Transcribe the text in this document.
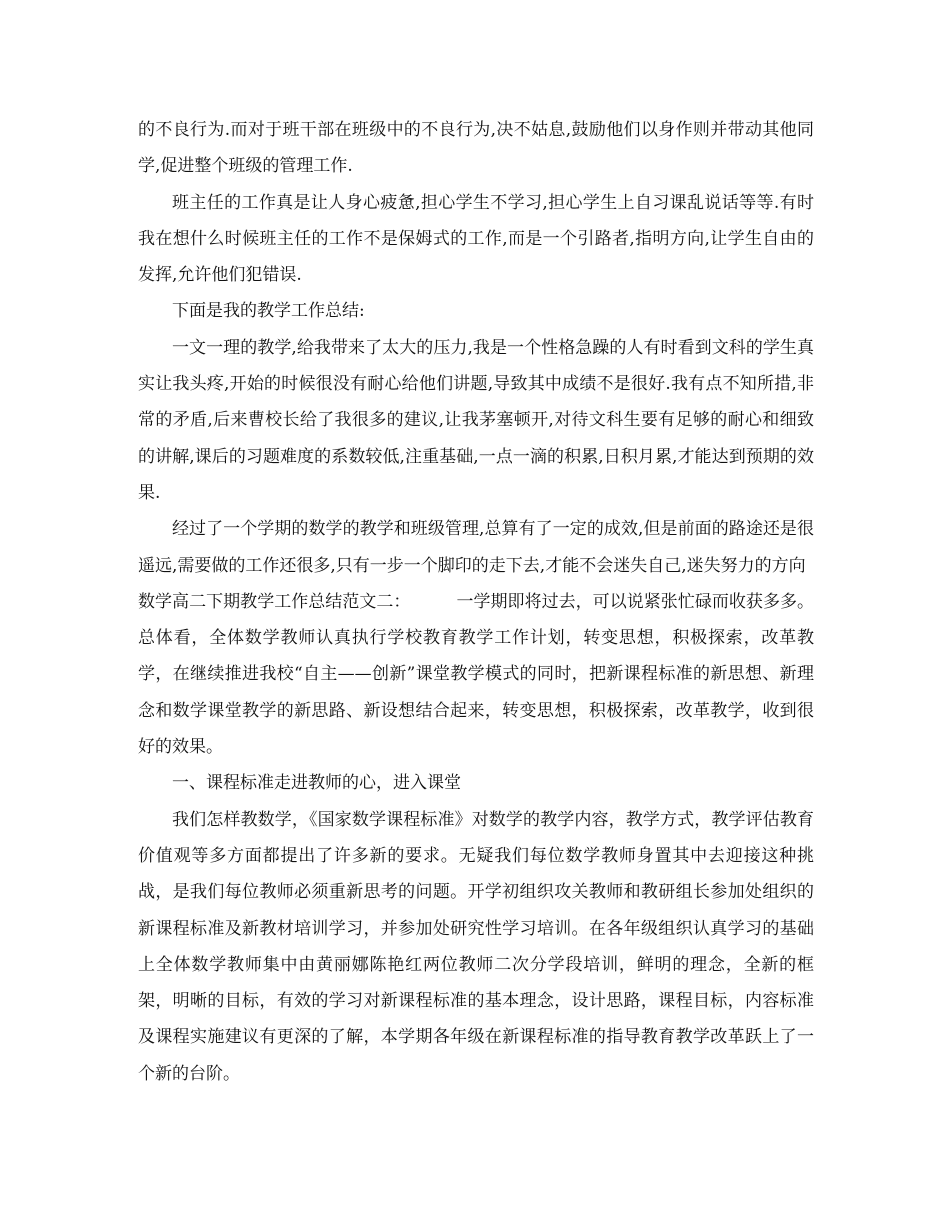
的不良行为.而对于班干部在班级中的不良行为,决不姑息,鼓励他们以身作则并带动其他同学,促进整个班级的管理工作.

班主任的工作真是让人身心疲惫,担心学生不学习,担心学生上自习课乱说话等等.有时我在想什么时候班主任的工作不是保姆式的工作,而是一个引路者,指明方向,让学生自由的发挥,允许他们犯错误.

下面是我的教学工作总结:

一文一理的教学,给我带来了太大的压力,我是一个性格急躁的人有时看到文科的学生真实让我头疼,开始的时候很没有耐心给他们讲题,导致其中成绩不是很好.我有点不知所措,非常的矛盾,后来曹校长给了我很多的建议,让我茅塞顿开,对待文科生要有足够的耐心和细致的讲解,课后的习题难度的系数较低,注重基础,一点一滴的积累,日积月累,才能达到预期的效果.

经过了一个学期的数学的教学和班级管理,总算有了一定的成效,但是前面的路途还是很遥远,需要做的工作还很多,只有一步一个脚印的走下去,才能不会迷失自己,迷失努力的方向

数学高二下期教学工作总结范文二：	一学期即将过去，可以说紧张忙碌而收获多多。总体看，全体数学教师认真执行学校教育教学工作计划，转变思想，积极探索，改革教学，在继续推进我校“自主——创新”课堂教学模式的同时，把新课程标准的新思想、新理念和数学课堂教学的新思路、新设想结合起来，转变思想，积极探索，改革教学，收到很好的效果。

一、课程标准走进教师的心，进入课堂

我们怎样教数学，《国家数学课程标准》对数学的教学内容，教学方式，教学评估教育价值观等多方面都提出了许多新的要求。无疑我们每位数学教师身置其中去迎接这种挑战，是我们每位教师必须重新思考的问题。开学初组织攻关教师和教研组长参加处组织的新课程标准及新教材培训学习，并参加处研究性学习培训。在各年级组织认真学习的基础上全体数学教师集中由黄丽娜陈艳红两位教师二次分学段培训，鲜明的理念，全新的框架，明晰的目标，有效的学习对新课程标准的基本理念，设计思路，课程目标，内容标准及课程实施建议有更深的了解，本学期各年级在新课程标准的指导教育教学改革跃上了一个新的台阶。
